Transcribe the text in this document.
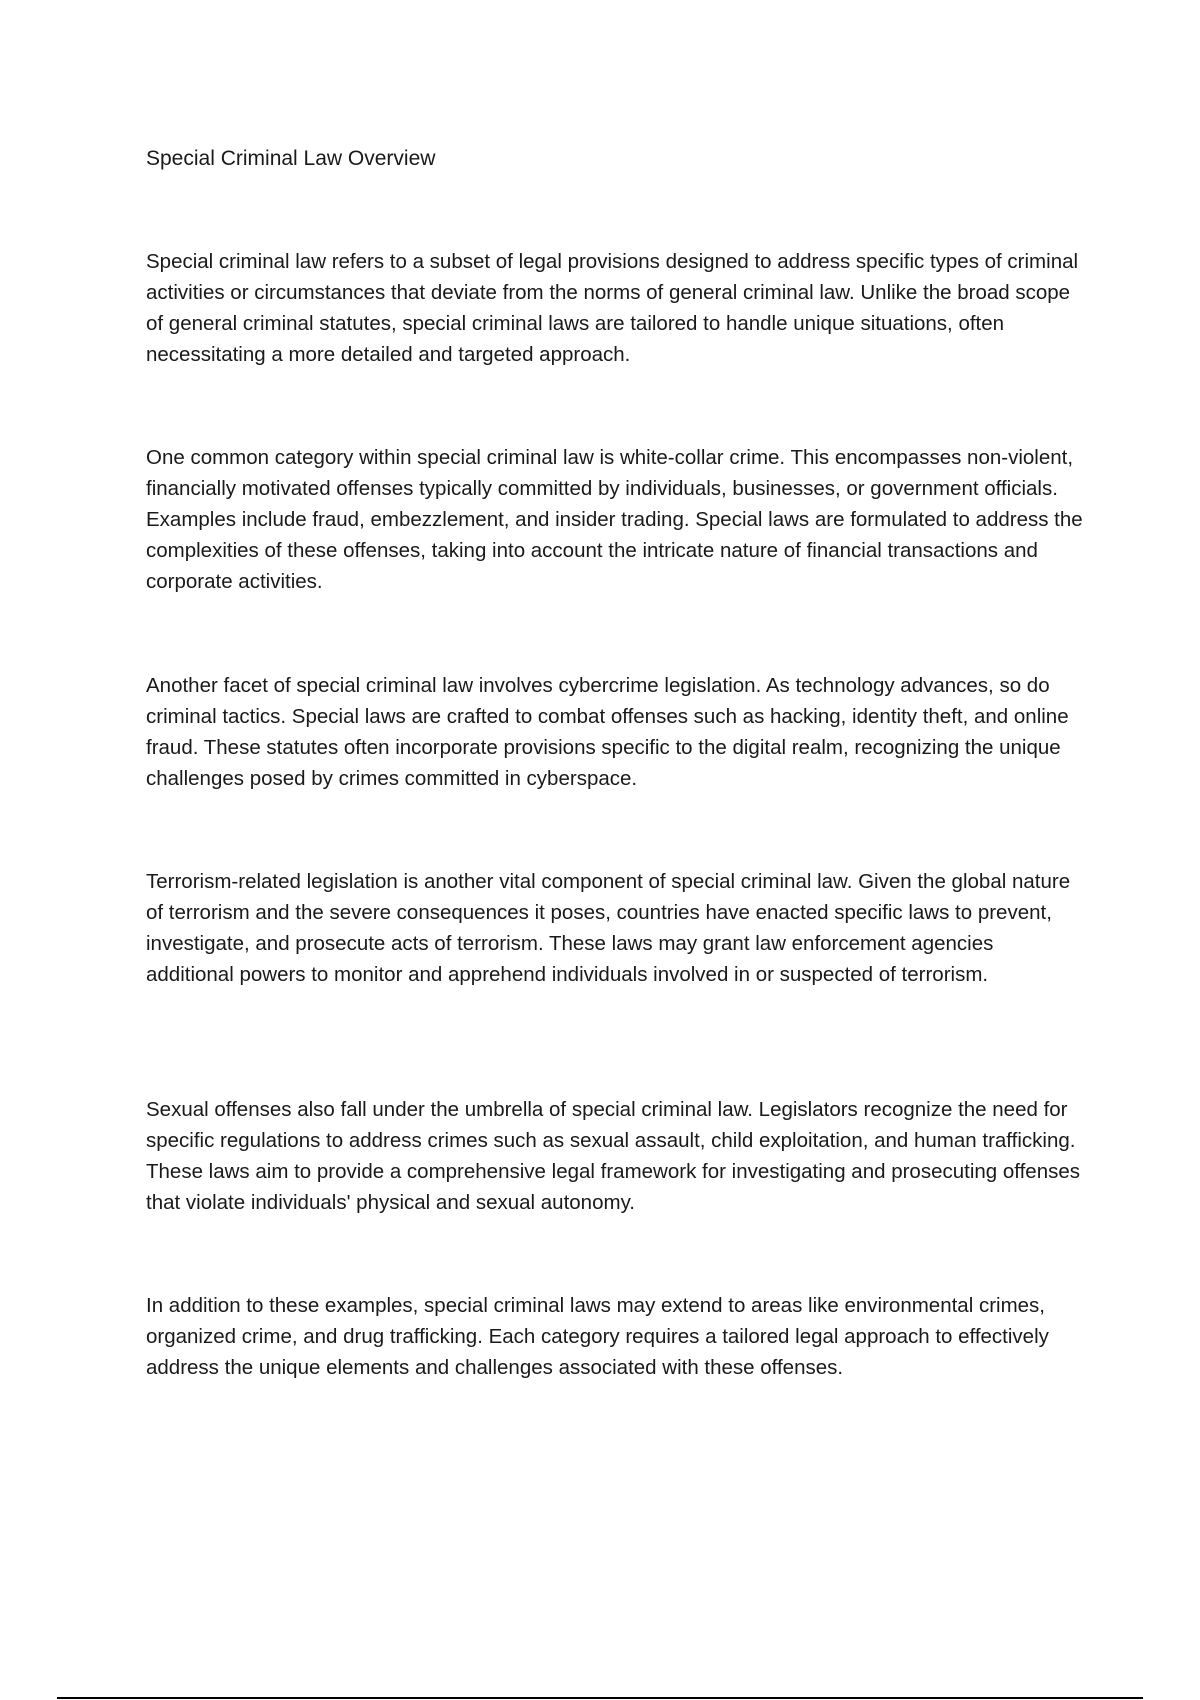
Special Criminal Law Overview

Special criminal law refers to a subset of legal provisions designed to address specific types of criminal activities or circumstances that deviate from the norms of general criminal law. Unlike the broad scope of general criminal statutes, special criminal laws are tailored to handle unique situations, often necessitating a more detailed and targeted approach.

One common category within special criminal law is white-collar crime. This encompasses non-violent, financially motivated offenses typically committed by individuals, businesses, or government officials. Examples include fraud, embezzlement, and insider trading. Special laws are formulated to address the complexities of these offenses, taking into account the intricate nature of financial transactions and corporate activities.

Another facet of special criminal law involves cybercrime legislation. As technology advances, so do criminal tactics. Special laws are crafted to combat offenses such as hacking, identity theft, and online fraud. These statutes often incorporate provisions specific to the digital realm, recognizing the unique challenges posed by crimes committed in cyberspace.

Terrorism-related legislation is another vital component of special criminal law. Given the global nature of terrorism and the severe consequences it poses, countries have enacted specific laws to prevent, investigate, and prosecute acts of terrorism. These laws may grant law enforcement agencies additional powers to monitor and apprehend individuals involved in or suspected of terrorism.

Sexual offenses also fall under the umbrella of special criminal law. Legislators recognize the need for specific regulations to address crimes such as sexual assault, child exploitation, and human trafficking. These laws aim to provide a comprehensive legal framework for investigating and prosecuting offenses that violate individuals' physical and sexual autonomy.

In addition to these examples, special criminal laws may extend to areas like environmental crimes, organized crime, and drug trafficking. Each category requires a tailored legal approach to effectively address the unique elements and challenges associated with these offenses.
